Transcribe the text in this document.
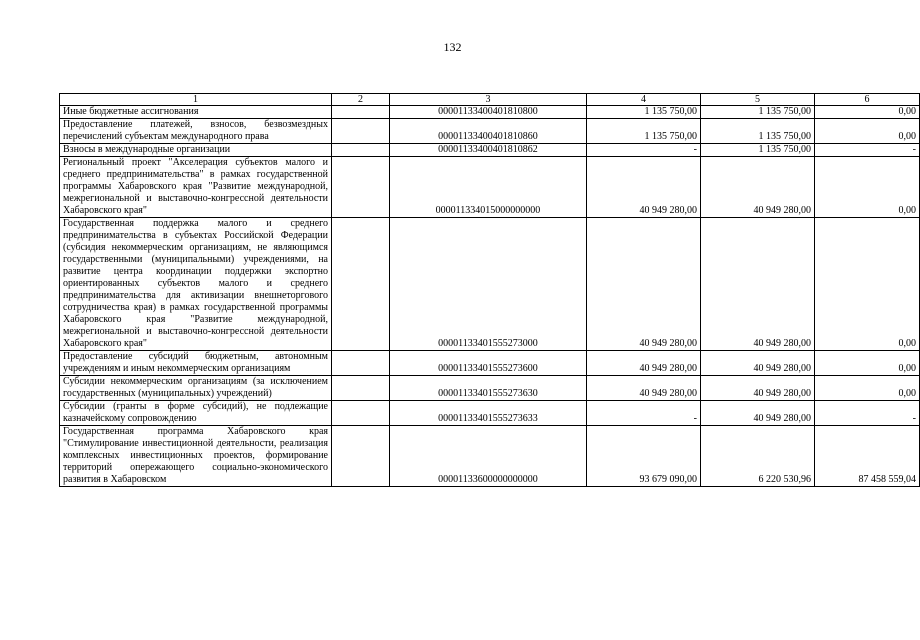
132
1	2	3	4	5	6
Иные бюджетные ассигнования		00001133400401810800	1 135 750,00	1 135 750,00	0,00
Предоставление платежей, взносов, безвозмездных перечислений субъектам международного права		00001133400401810860	1 135 750,00	1 135 750,00	0,00
Взносы в международные организации		00001133400401810862	-	1 135 750,00	-
Региональный проект "Акселерация субъектов малого и среднего предпринимательства" в рамках государственной программы Хабаровского края "Развитие международной, межрегиональной и выставочно-конгрессной деятельности Хабаровского края"		000011334015000000000	40 949 280,00	40 949 280,00	0,00
Государственная поддержка малого и среднего предпринимательства в субъектах Российской Федерации (субсидия некоммерческим организациям, не являющимся государственными (муниципальными) учреждениями, на развитие центра координации поддержки экспортно ориентированных субъектов малого и среднего предпринимательства для активизации внешнеторгового сотрудничества края) в рамках государственной программы Хабаровского края "Развитие международной, межрегиональной и выставочно-конгрессной деятельности Хабаровского края"		00001133401555273000	40 949 280,00	40 949 280,00	0,00
Предоставление субсидий бюджетным, автономным учреждениям и иным некоммерческим организациям		00001133401555273600	40 949 280,00	40 949 280,00	0,00
Субсидии некоммерческим организациям (за исключением государственных (муниципальных) учреждений)		00001133401555273630	40 949 280,00	40 949 280,00	0,00
Субсидии (гранты в форме субсидий), не подлежащие казначейскому сопровождению		00001133401555273633	-	40 949 280,00	-
Государственная программа Хабаровского края "Стимулирование инвестиционной деятельности, реализация комплексных инвестиционных проектов, формирование территорий опережающего социально-экономического развития в Хабаровском		00001133600000000000	93 679 090,00	6 220 530,96	87 458 559,04
